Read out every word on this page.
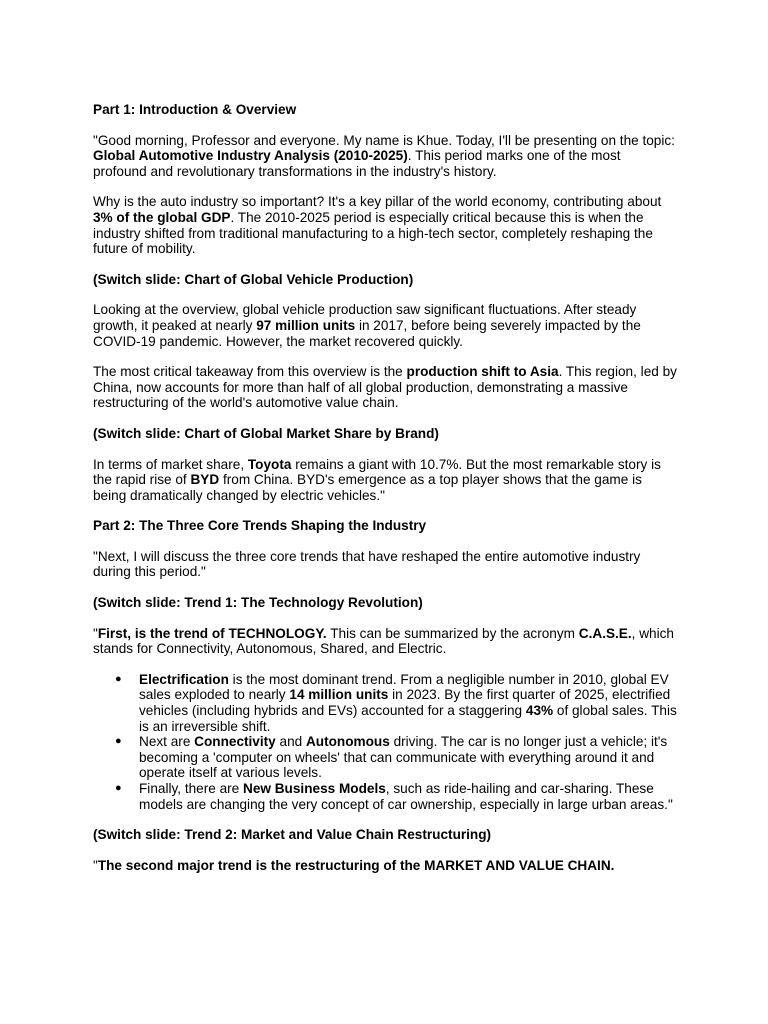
Part 1: Introduction & Overview

"Good morning, Professor and everyone. My name is Khue. Today, I'll be presenting on the topic: Global Automotive Industry Analysis (2010-2025). This period marks one of the most profound and revolutionary transformations in the industry's history.

Why is the auto industry so important? It's a key pillar of the world economy, contributing about 3% of the global GDP. The 2010-2025 period is especially critical because this is when the industry shifted from traditional manufacturing to a high-tech sector, completely reshaping the future of mobility.

(Switch slide: Chart of Global Vehicle Production)

Looking at the overview, global vehicle production saw significant fluctuations. After steady growth, it peaked at nearly 97 million units in 2017, before being severely impacted by the COVID-19 pandemic. However, the market recovered quickly.

The most critical takeaway from this overview is the production shift to Asia. This region, led by China, now accounts for more than half of all global production, demonstrating a massive restructuring of the world's automotive value chain.

(Switch slide: Chart of Global Market Share by Brand)

In terms of market share, Toyota remains a giant with 10.7%. But the most remarkable story is the rapid rise of BYD from China. BYD's emergence as a top player shows that the game is being dramatically changed by electric vehicles."

Part 2: The Three Core Trends Shaping the Industry

"Next, I will discuss the three core trends that have reshaped the entire automotive industry during this period."

(Switch slide: Trend 1: The Technology Revolution)

"First, is the trend of TECHNOLOGY. This can be summarized by the acronym C.A.S.E., which stands for Connectivity, Autonomous, Shared, and Electric.

● Electrification is the most dominant trend. From a negligible number in 2010, global EV sales exploded to nearly 14 million units in 2023. By the first quarter of 2025, electrified vehicles (including hybrids and EVs) accounted for a staggering 43% of global sales. This is an irreversible shift.
● Next are Connectivity and Autonomous driving. The car is no longer just a vehicle; it's becoming a 'computer on wheels' that can communicate with everything around it and operate itself at various levels.
● Finally, there are New Business Models, such as ride-hailing and car-sharing. These models are changing the very concept of car ownership, especially in large urban areas."

(Switch slide: Trend 2: Market and Value Chain Restructuring)

"The second major trend is the restructuring of the MARKET AND VALUE CHAIN.
